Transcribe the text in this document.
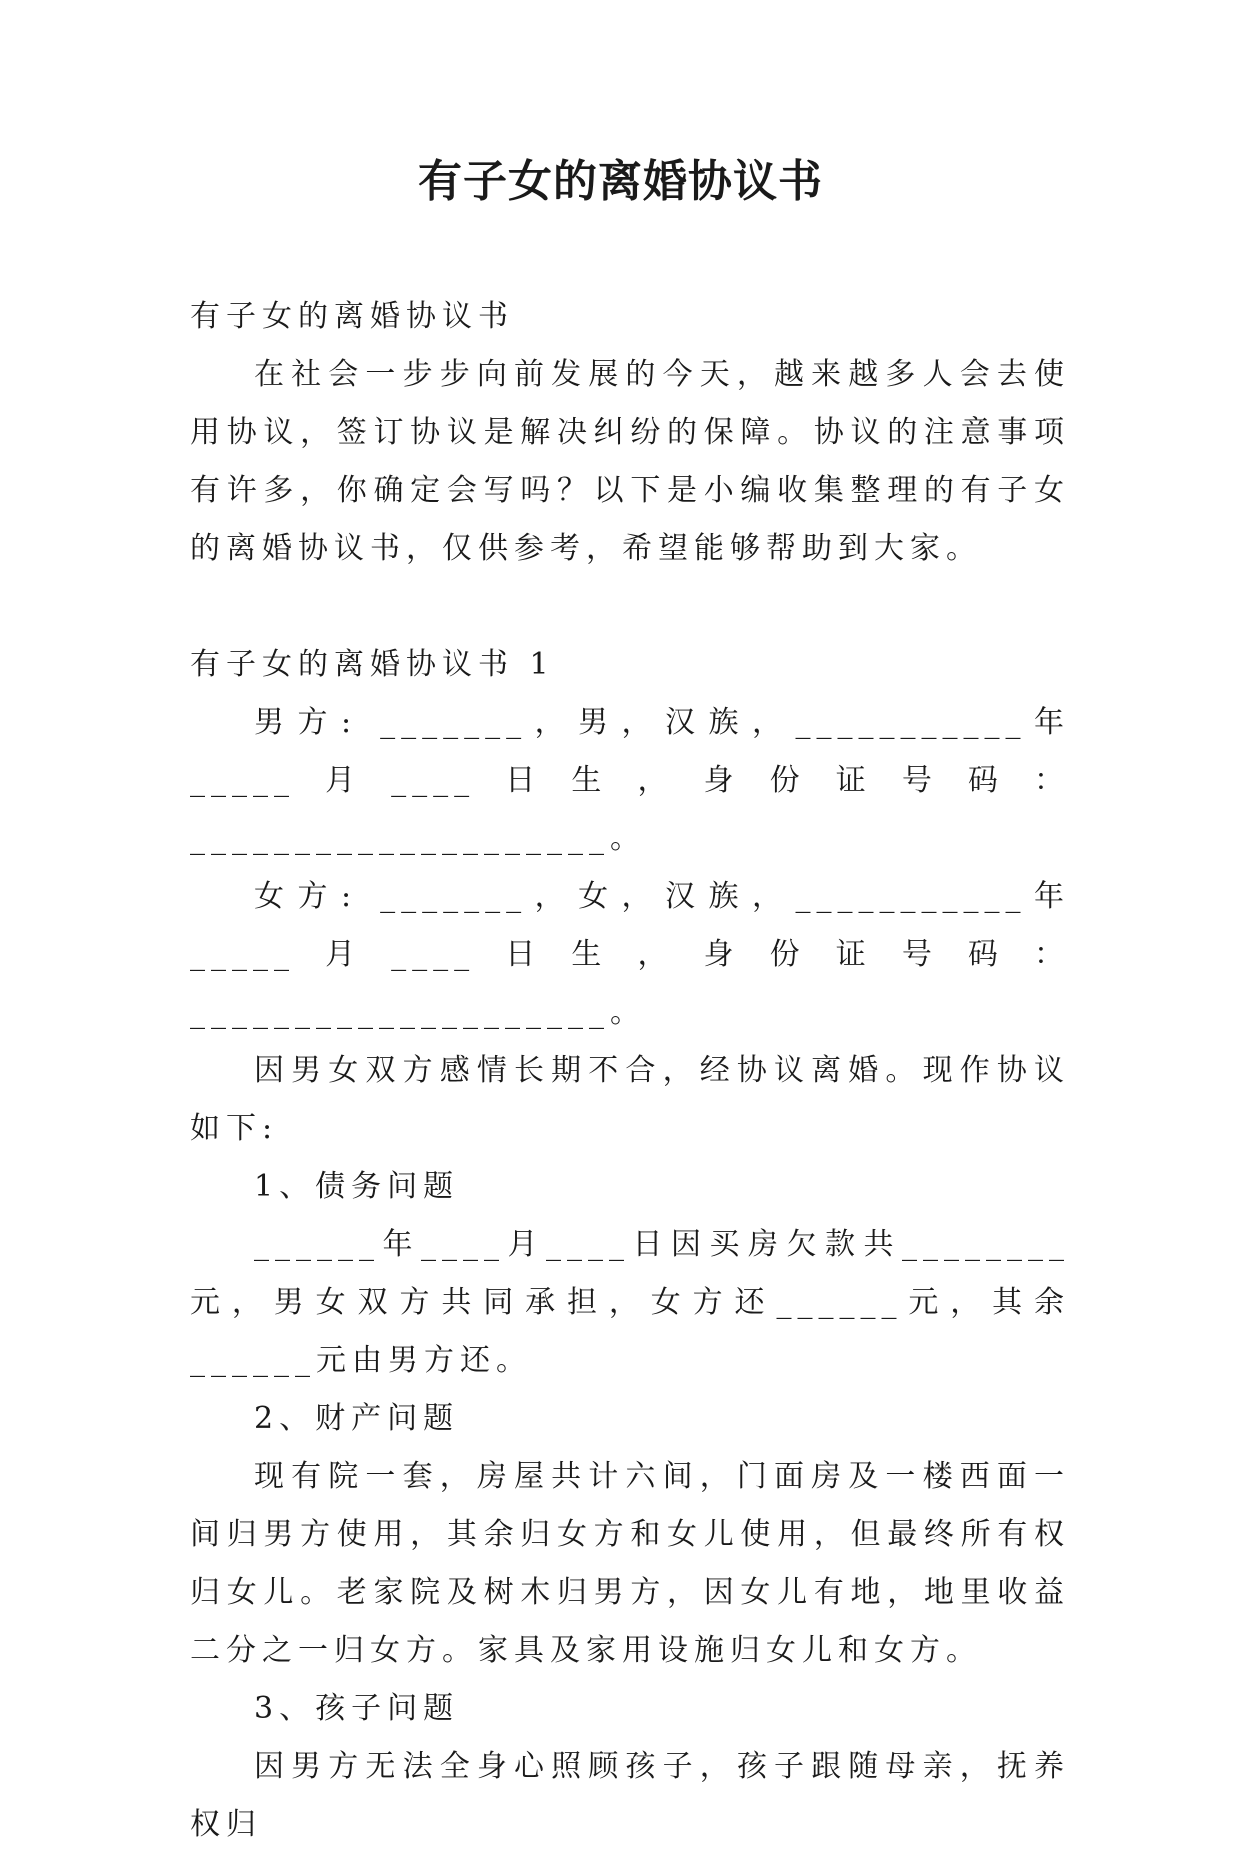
有子女的离婚协议书

有子女的离婚协议书

在社会一步步向前发展的今天，越来越多人会去使用协议，签订协议是解决纠纷的保障。协议的注意事项有许多，你确定会写吗？以下是小编收集整理的有子女的离婚协议书，仅供参考，希望能够帮助到大家。

有子女的离婚协议书 1

男方: _______，男，汉族，___________年_____月____日生，身份证号码：____________________。

女方: _______，女，汉族，___________年_____月____日生，身份证号码：____________________。

因男女双方感情长期不合，经协议离婚。现作协议如下:

1、债务问题

______年____月____日因买房欠款共________元，男女双方共同承担，女方还______元，其余______元由男方还。

2、财产问题

现有院一套，房屋共计六间，门面房及一楼西面一间归男方使用，其余归女方和女儿使用，但最终所有权归女儿。老家院及树木归男方，因女儿有地，地里收益二分之一归女方。家具及家用设施归女儿和女方。

3、孩子问题

因男方无法全身心照顾孩子，孩子跟随母亲，抚养权归
